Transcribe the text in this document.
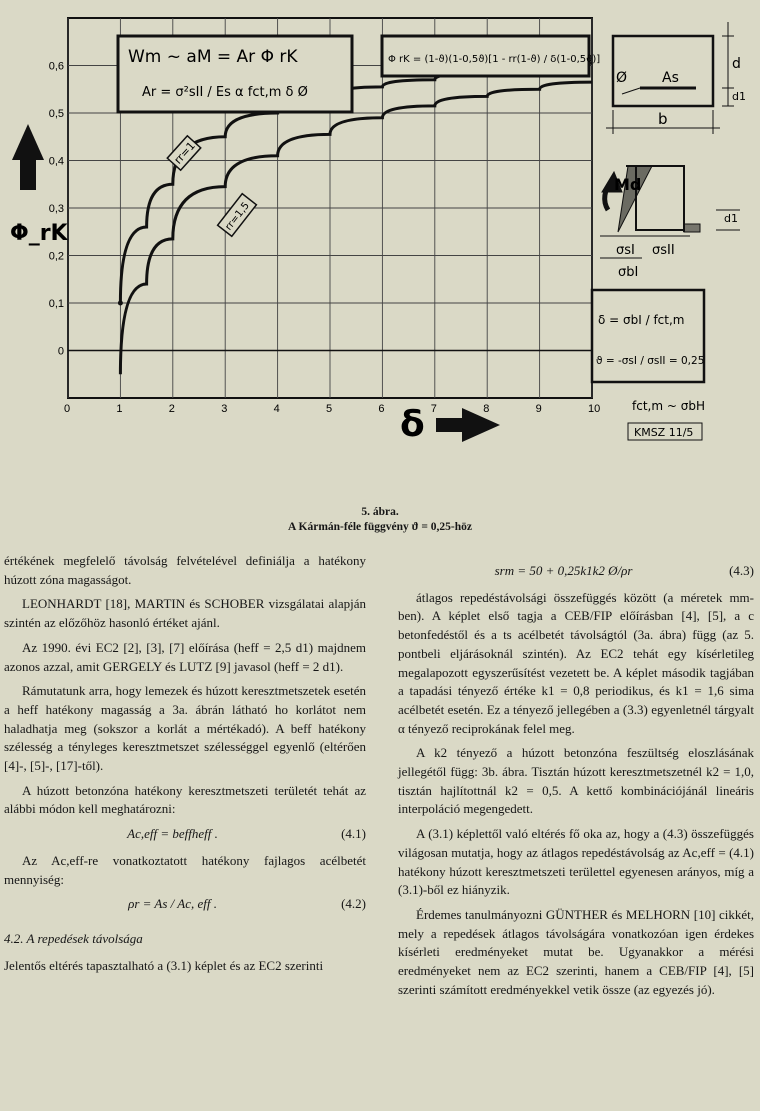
0	1	2	3	4	5	6	7	8	9	10
0
0,1
0,2
0,3
0,4
0,5
0,6	Wm ~ aM = Ar Φ rK
Ar = σ²sII / Es α fct,m δ Ø
Φ rK = (1-ϑ)(1-0,5ϑ)[1 - rr(1-ϑ) / δ(1-0,5ϑ)]
rr=1
rr=1,5
Φ_rK
δ
Ø As
d
d1
b
Md
σsI σsII
σbI
d1
δ = σbI / fct,m
ϑ = -σsI / σsII = 0,25
fct,m ~ σbH
KMSZ 11/5
5. ábra.
A Kármán-féle függvény ϑ = 0,25-höz

értékének megfelelő távolság felvételével definiálja a hatékony húzott zóna magasságot.

LEONHARDT [18], MARTIN és SCHOBER vizsgálatai alapján szintén az előzőhöz hasonló értéket ajánl.

Az 1990. évi EC2 [2], [3], [7] előírása (heff = 2,5 d1) majdnem azonos azzal, amit GERGELY és LUTZ [9] javasol (heff = 2 d1).

Rámutatunk arra, hogy lemezek és húzott keresztmetszetek esetén a heff hatékony magasság a 3a. ábrán látható ho korlátot nem haladhatja meg (sokszor a korlát a mértékadó). A beff hatékony szélesség a tényleges keresztmetszet szélességgel egyenlő (eltérően [4]-, [5]-, [17]-től).

A húzott betonzóna hatékony keresztmetszeti területét tehát az alábbi módon kell meghatározni:

Ac,eff = beffheff .	(4.1)

Az Ac,eff-re vonatkoztatott hatékony fajlagos acélbetét mennyiség:

ρr = As / Ac, eff .	(4.2)
4.2. A repedések távolsága

Jelentős eltérés tapasztalható a (3.1) képlet és az EC2 szerinti

srm = 50 + 0,25k1k2 Ø/ρr	(4.3)

átlagos repedéstávolsági összefüggés között (a méretek mm-ben). A képlet első tagja a CEB/FIP előírásban [4], [5], a c betonfedéstől és a ts acélbetét távolságtól (3a. ábra) függ (az 5. pontbeli eljárásoknál szintén). Az EC2 tehát egy kísérletileg megalapozott egyszerűsítést vezetett be. A képlet második tagjában a tapadási tényező értéke k1 = 0,8 periodikus, és k1 = 1,6 sima acélbetét esetén. Ez a tényező jellegében a (3.3) egyenletnél tárgyalt α tényező reciprokának felel meg.

A k2 tényező a húzott betonzóna feszültség eloszlásának jellegétől függ: 3b. ábra. Tisztán húzott keresztmetszetnél k2 = 1,0, tisztán hajlítottnál k2 = 0,5. A kettő kombinációjánál lineáris interpoláció megengedett.

A (3.1) képlettől való eltérés fő oka az, hogy a (4.3) összefüggés világosan mutatja, hogy az átlagos repedéstávolság az Ac,eff = (4.1) hatékony húzott keresztmetszeti területtel egyenesen arányos, míg a (3.1)-ből ez hiányzik.

Érdemes tanulmányozni GÜNTHER és MELHORN [10] cikkét, mely a repedések átlagos távolságára vonatkozóan igen érdekes kísérleti eredményeket mutat be. Ugyanakkor a mérési eredményeket nem az EC2 szerinti, hanem a CEB/FIP [4], [5] szerinti számított eredményekkel vetik össze (az egyezés jó).
